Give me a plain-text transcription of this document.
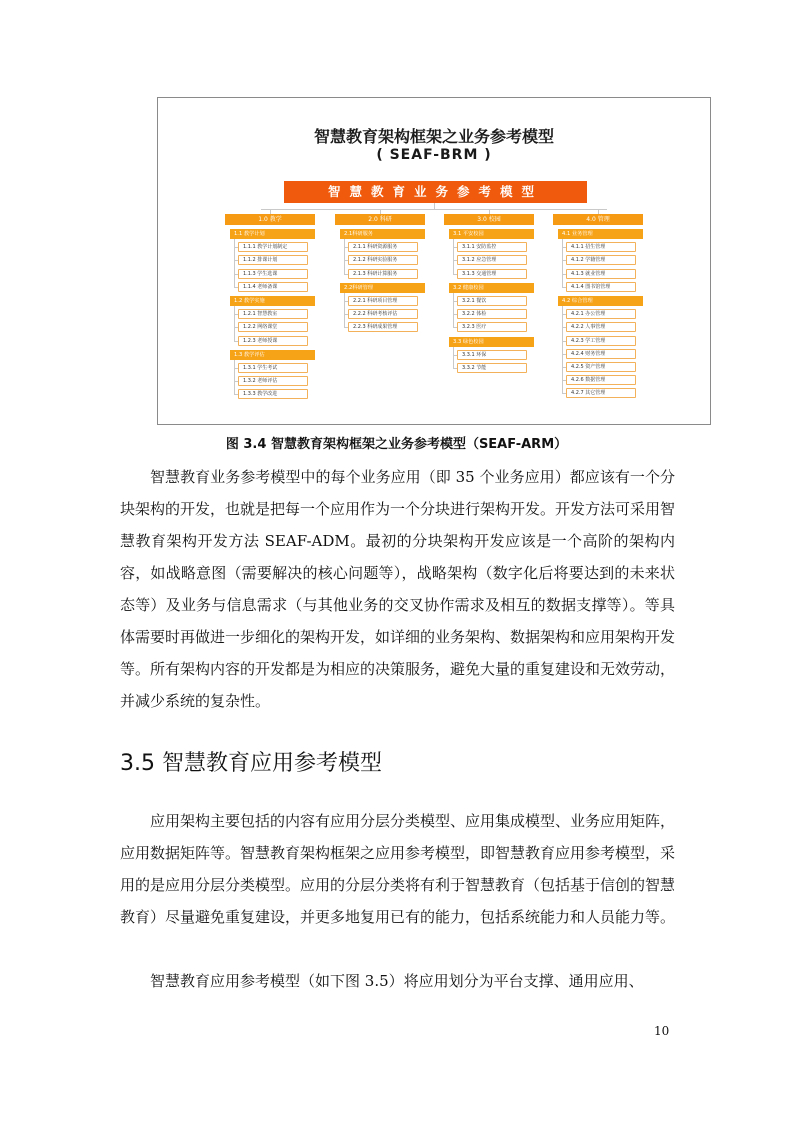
智慧教育架构框架之业务参考模型
( SEAF-BRM )
智慧教育业务参考模型
1.0 教学
1.1 教学计划
1.1.1 教学计划制定
1.1.2 排课计划
1.1.3 学生选课
1.1.4 老师备课
1.2 教学实施
1.2.1 智慧教室
1.2.2 网络课堂
1.2.3 老师授课
1.3 教学评估
1.3.1 学生考试
1.3.2 老师评估
1.3.3 教学改进
2.0 科研
2.1科研服务
2.1.1 科研资源服务
2.1.2 科研实验服务
2.1.3 科研计算服务
2.2科研管理
2.2.1 科研项目管理
2.2.2 科研考核评估
2.2.3 科研成果管理
3.0 校园
3.1 平安校园
3.1.1 安防监控
3.1.2 应急管理
3.1.3 交通管理
3.2 健康校园
3.2.1 餐饮
3.2.2 体检
3.2.3 医疗
3.3 绿色校园
3.3.1 环保
3.3.2 节能
4.0 管理
4.1 业务管理
4.1.1 招生管理
4.1.2 学籍管理
4.1.3 就业管理
4.1.4 图书馆管理
4.2 综合管理
4.2.1 办公管理
4.2.2 人事管理
4.2.3 学工管理
4.2.4 财务管理
4.2.5 资产管理
4.2.6 数据管理
4.2.7 其它管理
图 3.4 智慧教育架构框架之业务参考模型（SEAF-ARM）

智慧教育业务参考模型中的每个业务应用（即 35 个业务应用）都应该有一个分块架构的开发，也就是把每一个应用作为一个分块进行架构开发。开发方法可采用智慧教育架构开发方法 SEAF-ADM。最初的分块架构开发应该是一个高阶的架构内容，如战略意图（需要解决的核心问题等），战略架构（数字化后将要达到的未来状态等）及业务与信息需求（与其他业务的交叉协作需求及相互的数据支撑等）。等具体需要时再做进一步细化的架构开发，如详细的业务架构、数据架构和应用架构开发等。所有架构内容的开发都是为相应的决策服务，避免大量的重复建设和无效劳动，并减少系统的复杂性。

3.5 智慧教育应用参考模型

应用架构主要包括的内容有应用分层分类模型、应用集成模型、业务应用矩阵，应用数据矩阵等。智慧教育架构框架之应用参考模型，即智慧教育应用参考模型，采用的是应用分层分类模型。应用的分层分类将有利于智慧教育（包括基于信创的智慧教育）尽量避免重复建设，并更多地复用已有的能力，包括系统能力和人员能力等。

智慧教育应用参考模型（如下图 3.5）将应用划分为平台支撑、通用应用、

10
